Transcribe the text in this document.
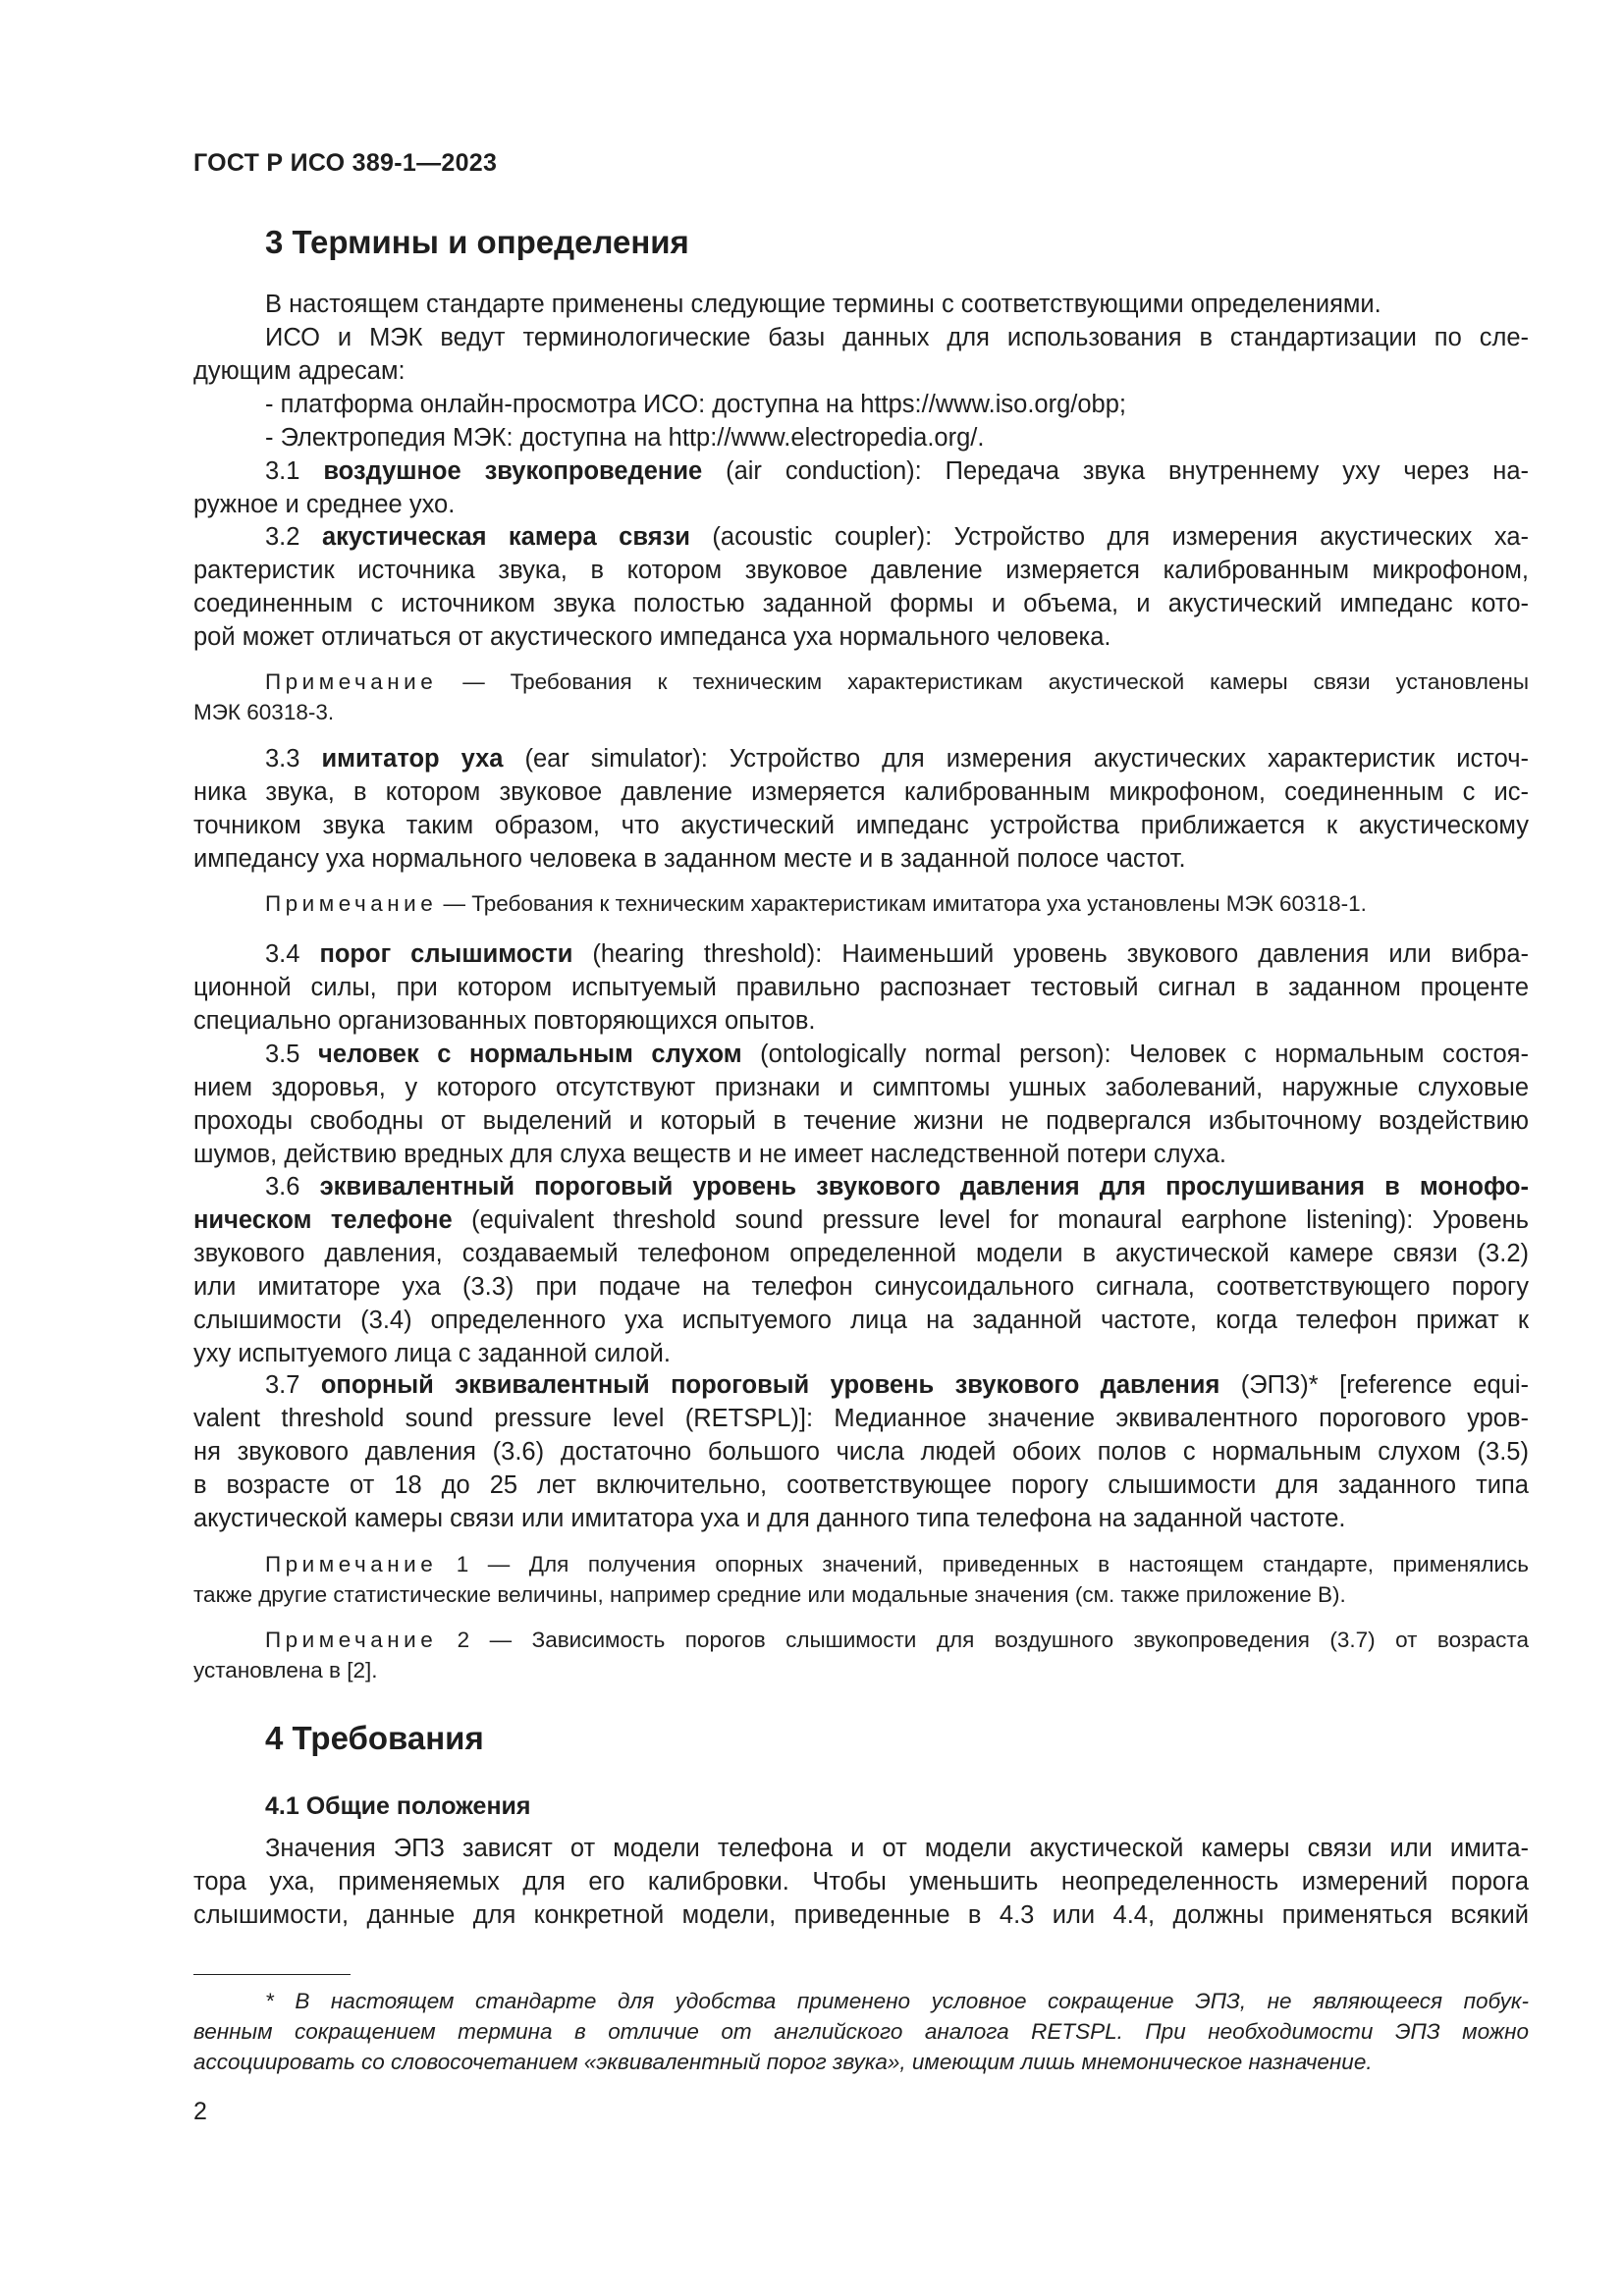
ГОСТ Р ИСО 389-1—2023
3 Термины и определения
В настоящем стандарте применены следующие термины с соответствующими определениями.
ИСО и МЭК ведут терминологические базы данных для использования в стандартизации по сле-
дующим адресам:
- платформа онлайн-просмотра ИСО: доступна на https://www.iso.org/obp;
- Электропедия МЭК: доступна на http://www.electropedia.org/.
3.1 воздушное звукопроведение (air conduction): Передача звука внутреннему уху через на-
ружное и среднее ухо.
3.2 акустическая камера связи (acoustic coupler): Устройство для измерения акустических ха-
рактеристик источника звука, в котором звуковое давление измеряется калиброванным микрофоном,
соединенным с источником звука полостью заданной формы и объема, и акустический импеданс кото-
рой может отличаться от акустического импеданса уха нормального человека.
Примечание — Требования к техническим характеристикам акустической камеры связи установлены
МЭК 60318-3.
3.3 имитатор уха (ear simulator): Устройство для измерения акустических характеристик источ-
ника звука, в котором звуковое давление измеряется калиброванным микрофоном, соединенным с ис-
точником звука таким образом, что акустический импеданс устройства приближается к акустическому
импедансу уха нормального человека в заданном месте и в заданной полосе частот.
Примечание — Требования к техническим характеристикам имитатора уха установлены МЭК 60318-1.
3.4 порог слышимости (hearing threshold): Наименьший уровень звукового давления или вибра-
ционной силы, при котором испытуемый правильно распознает тестовый сигнал в заданном проценте
специально организованных повторяющихся опытов.
3.5 человек с нормальным слухом (ontologically normal person): Человек с нормальным состоя-
нием здоровья, у которого отсутствуют признаки и симптомы ушных заболеваний, наружные слуховые
проходы свободны от выделений и который в течение жизни не подвергался избыточному воздействию
шумов, действию вредных для слуха веществ и не имеет наследственной потери слуха.
3.6 эквивалентный пороговый уровень звукового давления для прослушивания в монофо-
ническом телефоне (equivalent threshold sound pressure level for monaural earphone listening): Уровень
звукового давления, создаваемый телефоном определенной модели в акустической камере связи (3.2)
или имитаторе уха (3.3) при подаче на телефон синусоидального сигнала, соответствующего порогу
слышимости (3.4) определенного уха испытуемого лица на заданной частоте, когда телефон прижат к
уху испытуемого лица с заданной силой.
3.7 опорный эквивалентный пороговый уровень звукового давления (ЭПЗ)* [reference equi-
valent threshold sound pressure level (RETSPL)]: Медианное значение эквивалентного порогового уров-
ня звукового давления (3.6) достаточно большого числа людей обоих полов с нормальным слухом (3.5)
в возрасте от 18 до 25 лет включительно, соответствующее порогу слышимости для заданного типа
акустической камеры связи или имитатора уха и для данного типа телефона на заданной частоте.
Примечание 1 — Для получения опорных значений, приведенных в настоящем стандарте, применялись
также другие статистические величины, например средние или модальные значения (см. также приложение В).
Примечание 2 — Зависимость порогов слышимости для воздушного звукопроведения (3.7) от возраста
установлена в [2].
4 Требования
4.1 Общие положения
Значения ЭПЗ зависят от модели телефона и от модели акустической камеры связи или имита-
тора уха, применяемых для его калибровки. Чтобы уменьшить неопределенность измерений порога
слышимости, данные для конкретной модели, приведенные в 4.3 или 4.4, должны применяться всякий
* В настоящем стандарте для удобства применено условное сокращение ЭПЗ, не являющееся побук-
венным сокращением термина в отличие от английского аналога RETSPL. При необходимости ЭПЗ можно
ассоциировать со словосочетанием «эквивалентный порог звука», имеющим лишь мнемоническое назначение.
2
